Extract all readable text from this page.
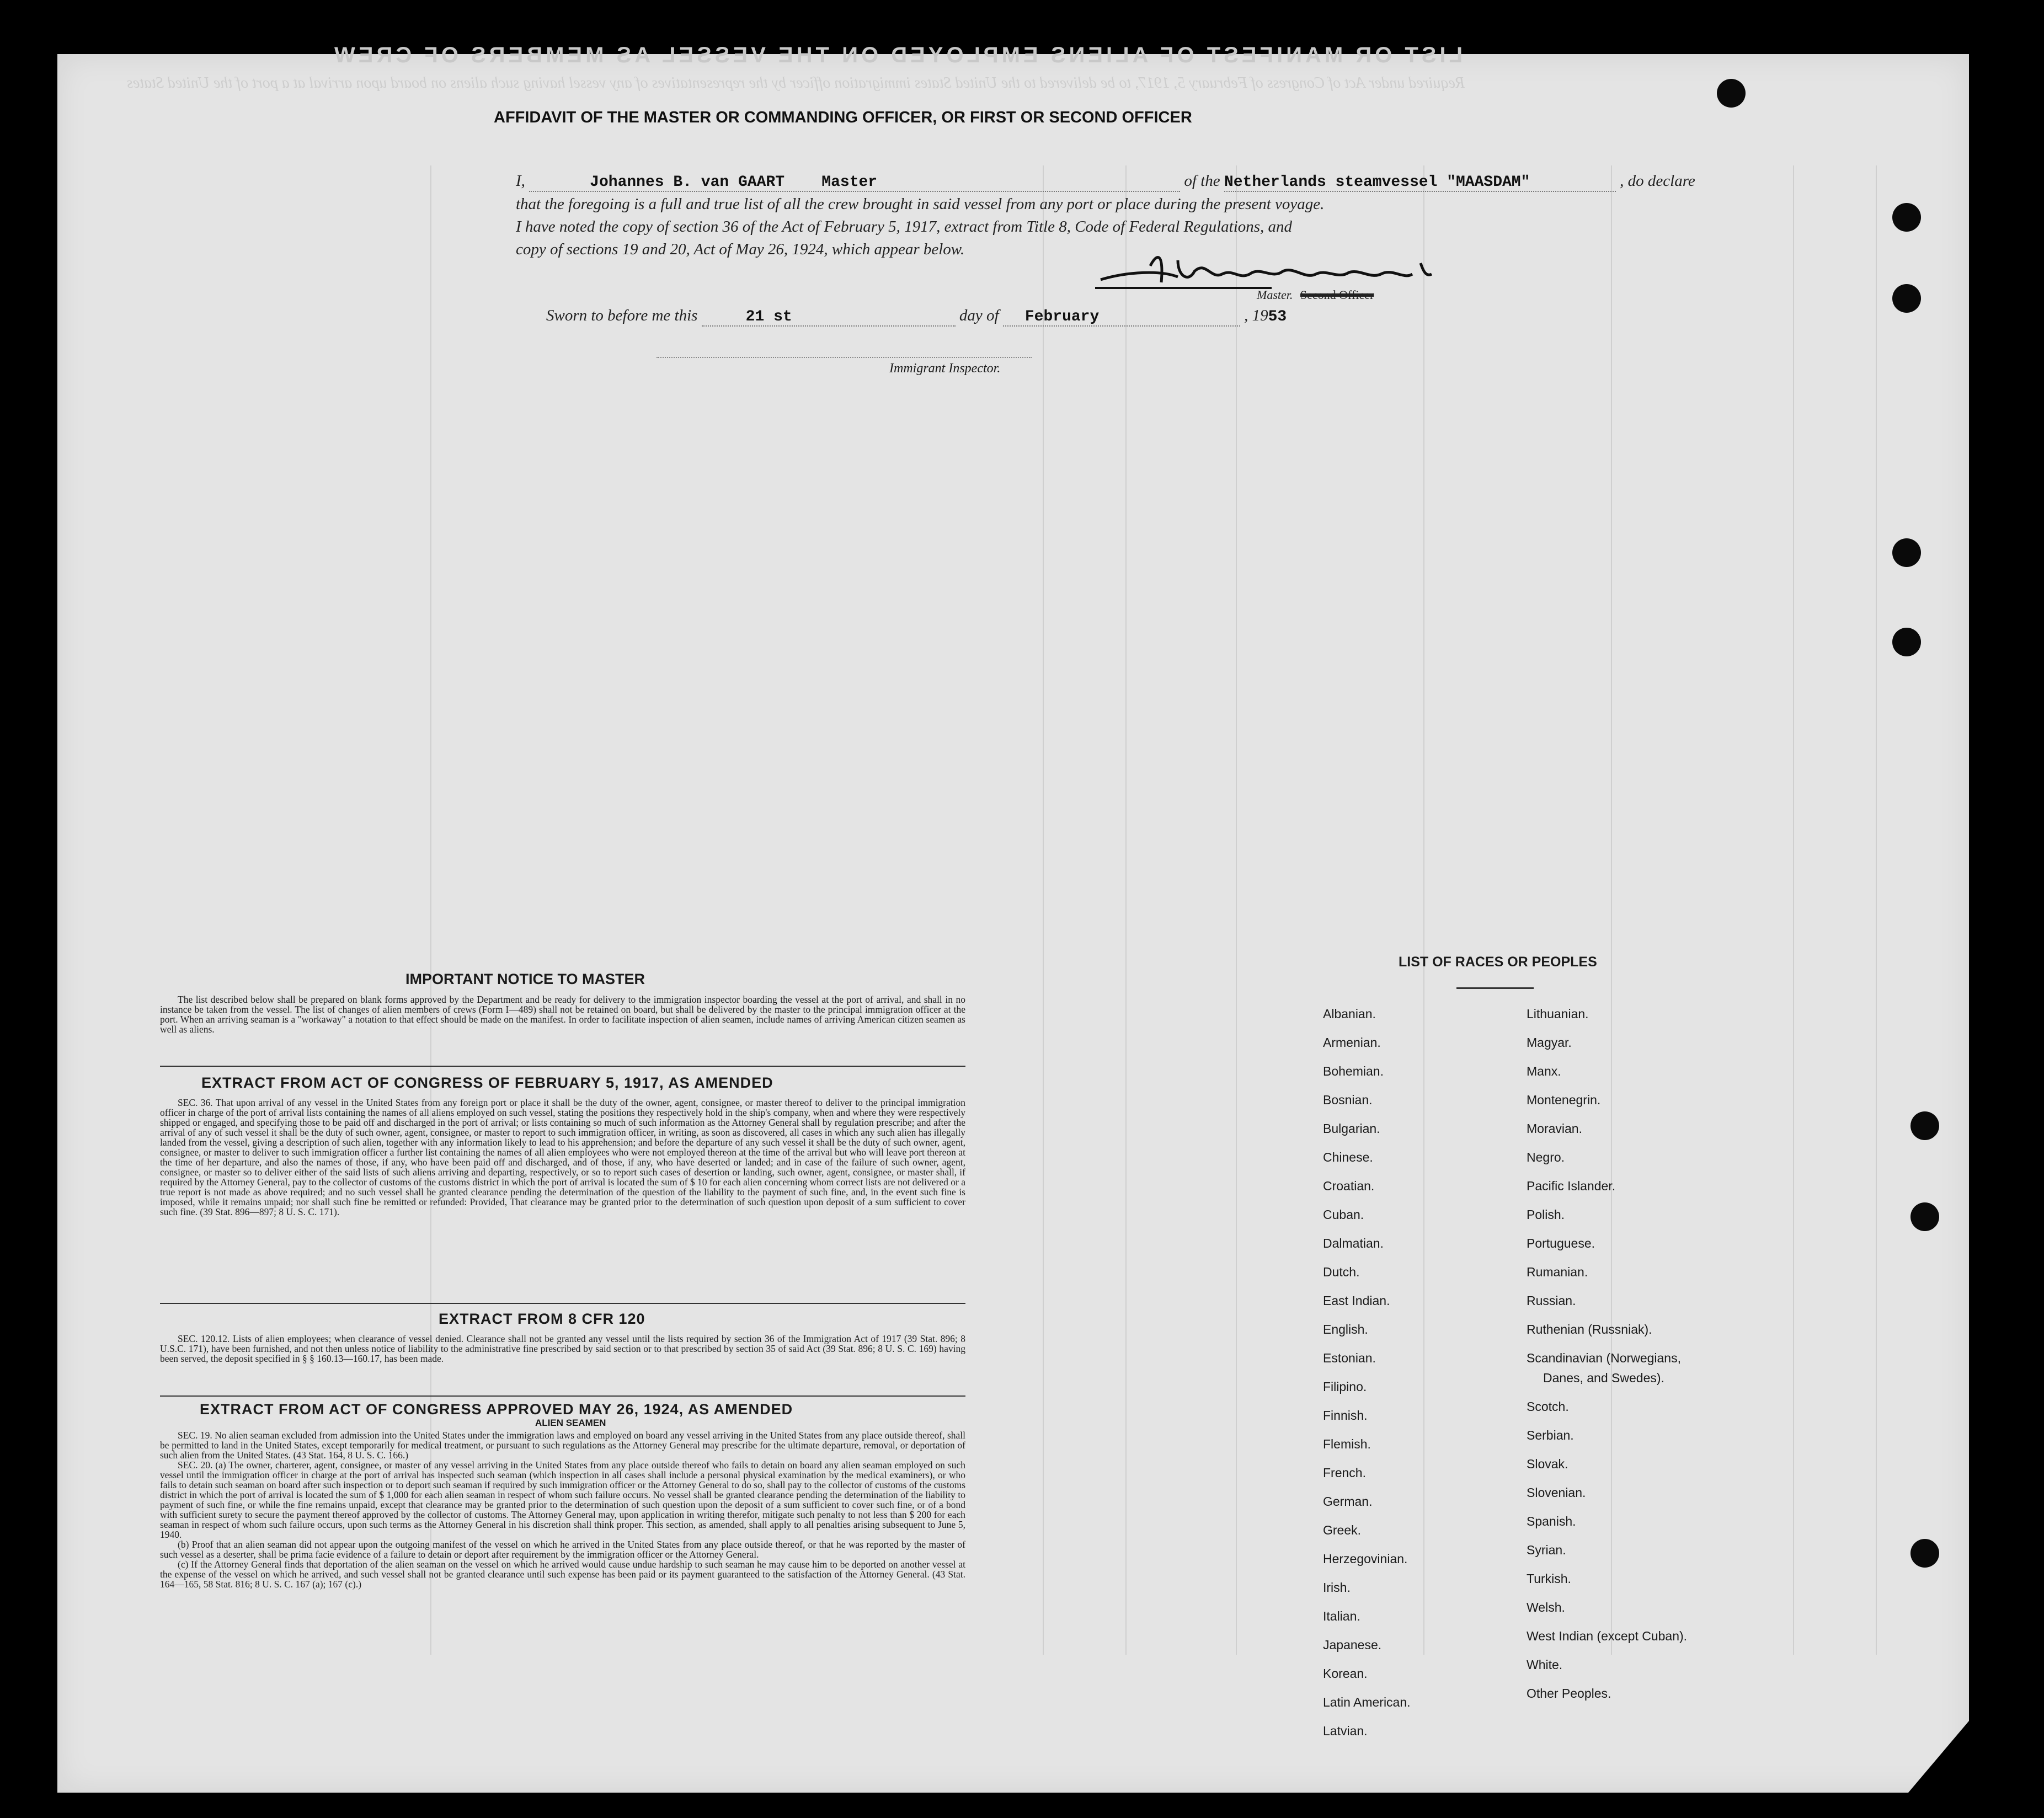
LIST OR MANIFEST OF ALIENS EMPLOYED ON THE VESSEL AS MEMBERS OF CREW
Required under Act of Congress of February 5, 1917, to be delivered to the United States immigration officer by the representatives of any vessel having such aliens on board upon arrival at a port of the United States
AFFIDAVIT OF THE MASTER OR COMMANDING OFFICER, OR FIRST OR SECOND OFFICER
I,	Johannes B. van GAART Master	of the Netherlands steamvessel "MAASDAM"	, do declare
that the foregoing is a full and true list of all the crew brought in said vessel from any port or place during the present voyage.
I have noted the copy of section 36 of the Act of February 5, 1917, extract from Title 8, Code of Federal Regulations, and
copy of sections 19 and 20, Act of May 26, 1924, which appear below.
Master. Second Officer
Sworn to before me this	21 st	day of February	, 1953
Immigrant Inspector.
IMPORTANT NOTICE TO MASTER

The list described below shall be prepared on blank forms approved by the Department and be ready for delivery to the immigration inspector boarding the vessel at the port of arrival, and shall in no instance be taken from the vessel. The list of changes of alien members of crews (Form I—489) shall not be retained on board, but shall be delivered by the master to the principal immigration officer at the port. When an arriving seaman is a "workaway" a notation to that effect should be made on the manifest. In order to facilitate inspection of alien seamen, include names of arriving American citizen seamen as well as aliens.

EXTRACT FROM ACT OF CONGRESS OF FEBRUARY 5, 1917, AS AMENDED

SEC. 36. That upon arrival of any vessel in the United States from any foreign port or place it shall be the duty of the owner, agent, consignee, or master thereof to deliver to the principal immigration officer in charge of the port of arrival lists containing the names of all aliens employed on such vessel, stating the positions they respectively hold in the ship's company, when and where they were respectively shipped or engaged, and specifying those to be paid off and discharged in the port of arrival; or lists containing so much of such information as the Attorney General shall by regulation prescribe; and after the arrival of any of such vessel it shall be the duty of such owner, agent, consignee, or master to report to such immigration officer, in writing, as soon as discovered, all cases in which any such alien has illegally landed from the vessel, giving a description of such alien, together with any information likely to lead to his apprehension; and before the departure of any such vessel it shall be the duty of such owner, agent, consignee, or master to deliver to such immigration officer a further list containing the names of all alien employees who were not employed thereon at the time of the arrival but who will leave port thereon at the time of her departure, and also the names of those, if any, who have been paid off and discharged, and of those, if any, who have deserted or landed; and in case of the failure of such owner, agent, consignee, or master so to deliver either of the said lists of such aliens arriving and departing, respectively, or so to report such cases of desertion or landing, such owner, agent, consignee, or master shall, if required by the Attorney General, pay to the collector of customs of the customs district in which the port of arrival is located the sum of $ 10 for each alien concerning whom correct lists are not delivered or a true report is not made as above required; and no such vessel shall be granted clearance pending the determination of the question of the liability to the payment of such fine, and, in the event such fine is imposed, while it remains unpaid; nor shall such fine be remitted or refunded: Provided, That clearance may be granted prior to the determination of such question upon deposit of a sum sufficient to cover such fine. (39 Stat. 896—897; 8 U. S. C. 171).

EXTRACT FROM 8 CFR 120

SEC. 120.12. Lists of alien employees; when clearance of vessel denied. Clearance shall not be granted any vessel until the lists required by section 36 of the Immigration Act of 1917 (39 Stat. 896; 8 U.S.C. 171), have been furnished, and not then unless notice of liability to the administrative fine prescribed by said section or to that prescribed by section 35 of said Act (39 Stat. 896; 8 U. S. C. 169) having been served, the deposit specified in § § 160.13—160.17, has been made.

EXTRACT FROM ACT OF CONGRESS APPROVED MAY 26, 1924, AS AMENDED
ALIEN SEAMEN

SEC. 19. No alien seaman excluded from admission into the United States under the immigration laws and employed on board any vessel arriving in the United States from any place outside thereof, shall be permitted to land in the United States, except temporarily for medical treatment, or pursuant to such regulations as the Attorney General may prescribe for the ultimate departure, removal, or deportation of such alien from the United States. (43 Stat. 164, 8 U. S. C. 166.)

SEC. 20. (a) The owner, charterer, agent, consignee, or master of any vessel arriving in the United States from any place outside thereof who fails to detain on board any alien seaman employed on such vessel until the immigration officer in charge at the port of arrival has inspected such seaman (which inspection in all cases shall include a personal physical examination by the medical examiners), or who fails to detain such seaman on board after such inspection or to deport such seaman if required by such immigration officer or the Attorney General to do so, shall pay to the collector of customs of the customs district in which the port of arrival is located the sum of $ 1,000 for each alien seaman in respect of whom such failure occurs. No vessel shall be granted clearance pending the determination of the liability to payment of such fine, or while the fine remains unpaid, except that clearance may be granted prior to the determination of such question upon the deposit of a sum sufficient to cover such fine, or of a bond with sufficient surety to secure the payment thereof approved by the collector of customs. The Attorney General may, upon application in writing therefor, mitigate such penalty to not less than $ 200 for each seaman in respect of whom such failure occurs, upon such terms as the Attorney General in his discretion shall think proper. This section, as amended, shall apply to all penalties arising subsequent to June 5, 1940.

(b) Proof that an alien seaman did not appear upon the outgoing manifest of the vessel on which he arrived in the United States from any place outside thereof, or that he was reported by the master of such vessel as a deserter, shall be prima facie evidence of a failure to detain or deport after requirement by the immigration officer or the Attorney General.

(c) If the Attorney General finds that deportation of the alien seaman on the vessel on which he arrived would cause undue hardship to such seaman he may cause him to be deported on another vessel at the expense of the vessel on which he arrived, and such vessel shall not be granted clearance until such expense has been paid or its payment guaranteed to the satisfaction of the Attorney General. (43 Stat. 164—165, 58 Stat. 816; 8 U. S. C. 167 (a); 167 (c).)

LIST OF RACES OR PEOPLES
Albanian.
Armenian.
Bohemian.
Bosnian.
Bulgarian.
Chinese.
Croatian.
Cuban.
Dalmatian.
Dutch.
East Indian.
English.
Estonian.
Filipino.
Finnish.
Flemish.
French.
German.
Greek.
Herzegovinian.
Irish.
Italian.
Japanese.
Korean.
Latin American.
Latvian.
Lithuanian.
Magyar.
Manx.
Montenegrin.
Moravian.
Negro.
Pacific Islander.
Polish.
Portuguese.
Rumanian.
Russian.
Ruthenian (Russniak).
Scandinavian (Norwegians,
Danes, and Swedes).
Scotch.
Serbian.
Slovak.
Slovenian.
Spanish.
Syrian.
Turkish.
Welsh.
West Indian (except Cuban).
White.
Other Peoples.
